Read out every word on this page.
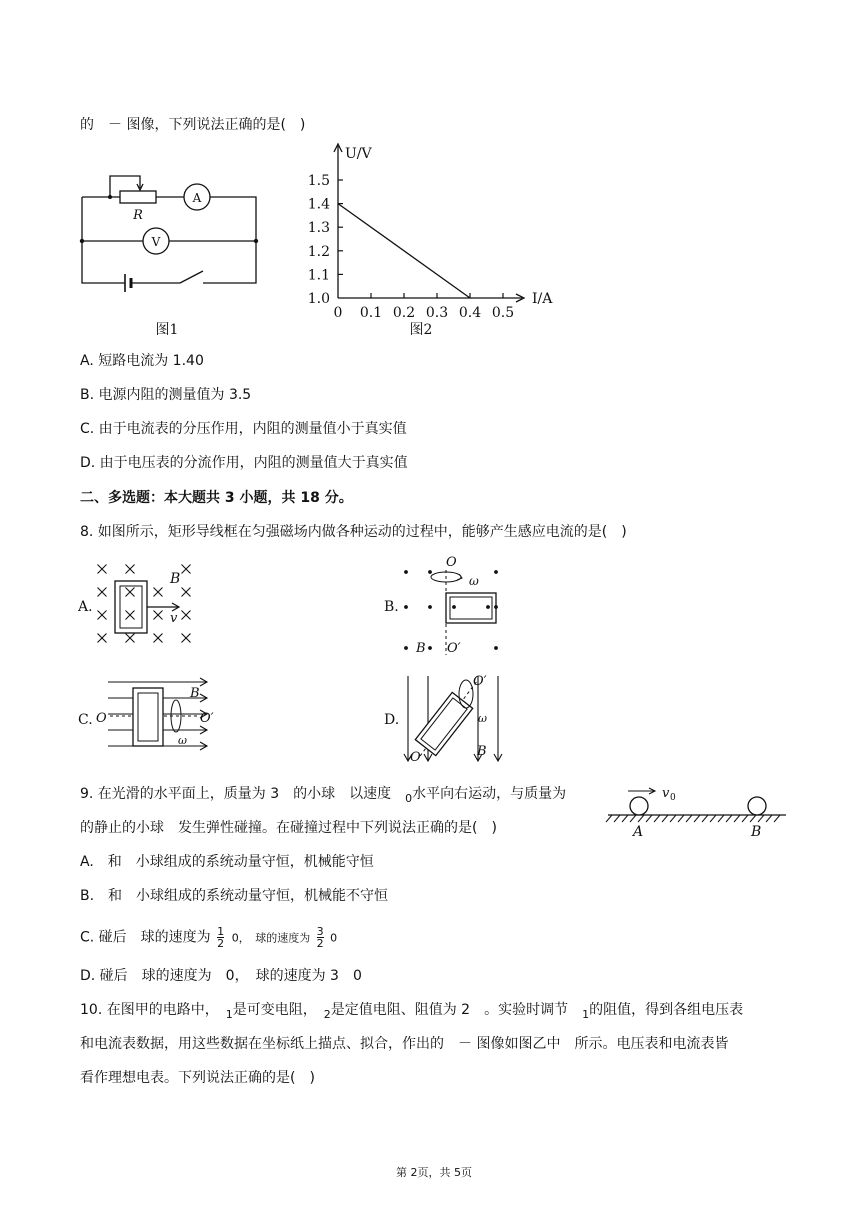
的　－ 图像，下列说法正确的是(　)
R
A
V
图1
1.0
1.1
1.2
1.3
1.4
1.5
0 0.1 0.2 0.3 0.4 0.5
U/V
I/A
图2
A. 短路电流为 1.40
B. 电源内阻的测量值为 3.5
C. 由于电流表的分压作用，内阻的测量值小于真实值
D. 由于电压表的分流作用，内阻的测量值大于真实值
二、多选题：本大题共 3 小题，共 18 分。
8. 如图所示，矩形导线框在匀强磁场内做各种运动的过程中，能够产生感应电流的是(　)
A.
B
v
B.
O
ω
B O′
C. O	O′
B
ω
D.
O′
O
ω
B
9. 在光滑的水平面上，质量为 3　的小球　以速度　$_0$水平向右运动，与质量为
的静止的小球　发生弹性碰撞。在碰撞过程中下列说法正确的是(　)
v 0
A	B
A.　和　小球组成的系统动量守恒，机械能守恒
B.　和　小球组成的系统动量守恒，机械能不守恒
C. 碰后　球的速度为 $\frac{1}{2}$
  0，　球的速度为 $\frac{3}{2} 0$
D. 碰后　球的速度为　0，　球的速度为 3　0
10. 在图甲的电路中，　$_1$是可变电阻，　$_2$是定值电阻、阻值为 2　。实验时调节　$_1$的阻值，得到各组电压表
和电流表数据，用这些数据在坐标纸上描点、拟合，作出的　－ 图像如图乙中　所示。电压表和电流表皆
看作理想电表。下列说法正确的是(　)
第 2页，共 5页
